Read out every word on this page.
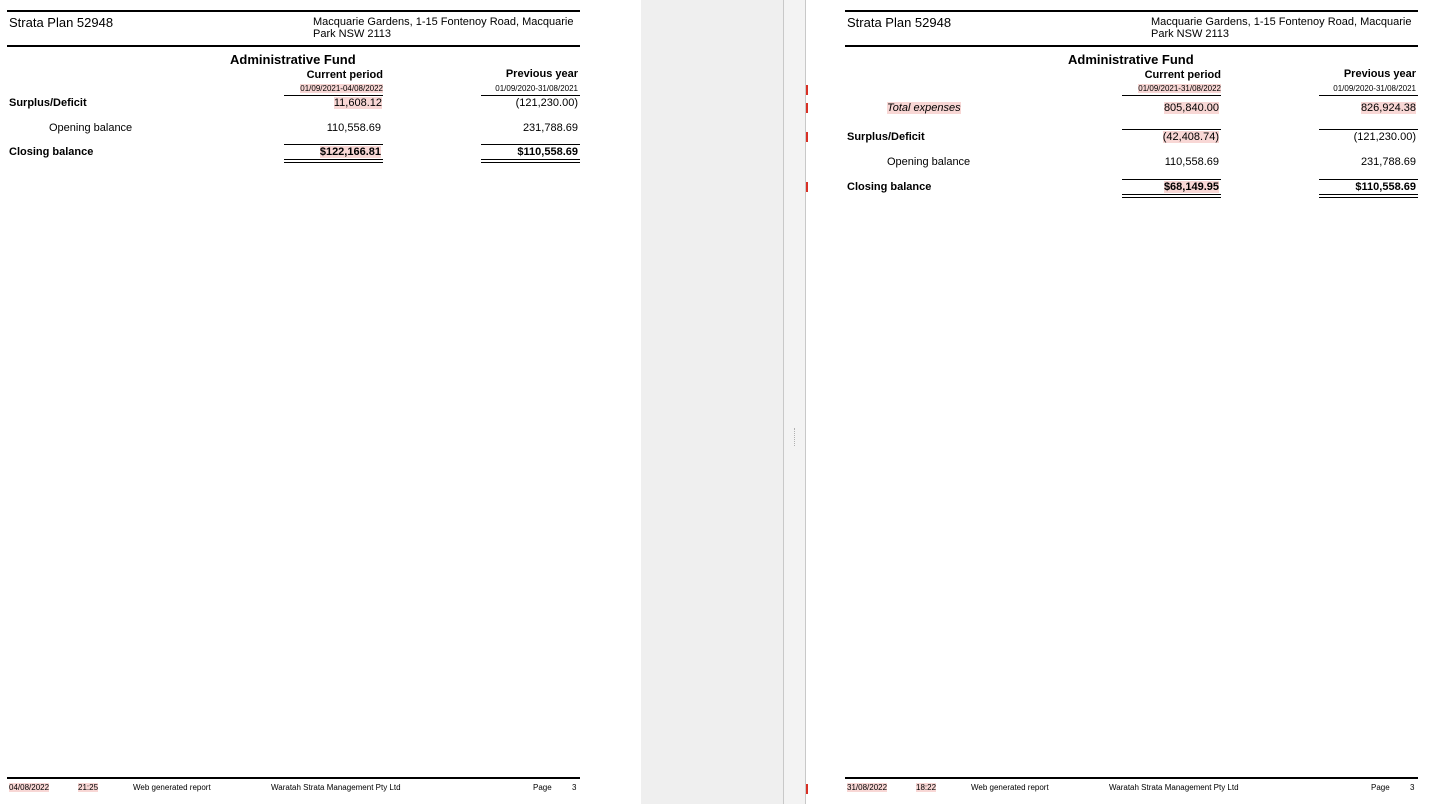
Strata Plan 52948	Macquarie Gardens, 1-15 Fontenoy Road, Macquarie
Park NSW 2113
Administrative Fund
Current period	Previous year
01/09/2021-04/08/2022	01/09/2020-31/08/2021
Surplus/Deficit	11,608.12	(121,230.00)
Opening balance	110,558.69	231,788.69
Closing balance	$122,166.81	$110,558.69
04/08/2022	21:25	Web generated report	Waratah Strata Management Pty Ltd	Page	3
Strata Plan 52948	Macquarie Gardens, 1-15 Fontenoy Road, Macquarie
Park NSW 2113
Administrative Fund
Current period	Previous year
01/09/2021-31/08/2022	01/09/2020-31/08/2021
Total expenses	805,840.00	826,924.38
Surplus/Deficit	(42,408.74)	(121,230.00)
Opening balance	110,558.69	231,788.69
Closing balance	$68,149.95	$110,558.69
31/08/2022	18:22	Web generated report	Waratah Strata Management Pty Ltd	Page	3
